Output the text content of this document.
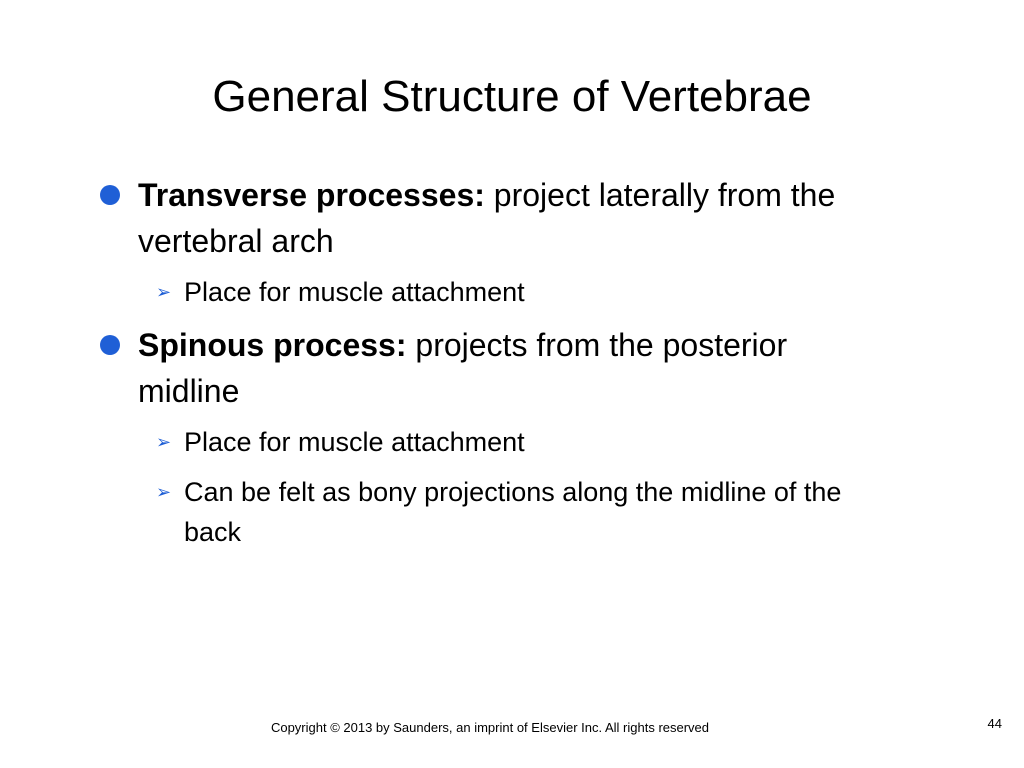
General Structure of Vertebrae
Transverse processes: project laterally from the vertebral arch
➢ Place for muscle attachment
Spinous process: projects from the posterior midline
➢ Place for muscle attachment
➢ Can be felt as bony projections along the midline of the back
Copyright © 2013 by Saunders, an imprint of Elsevier Inc. All rights reserved	44
